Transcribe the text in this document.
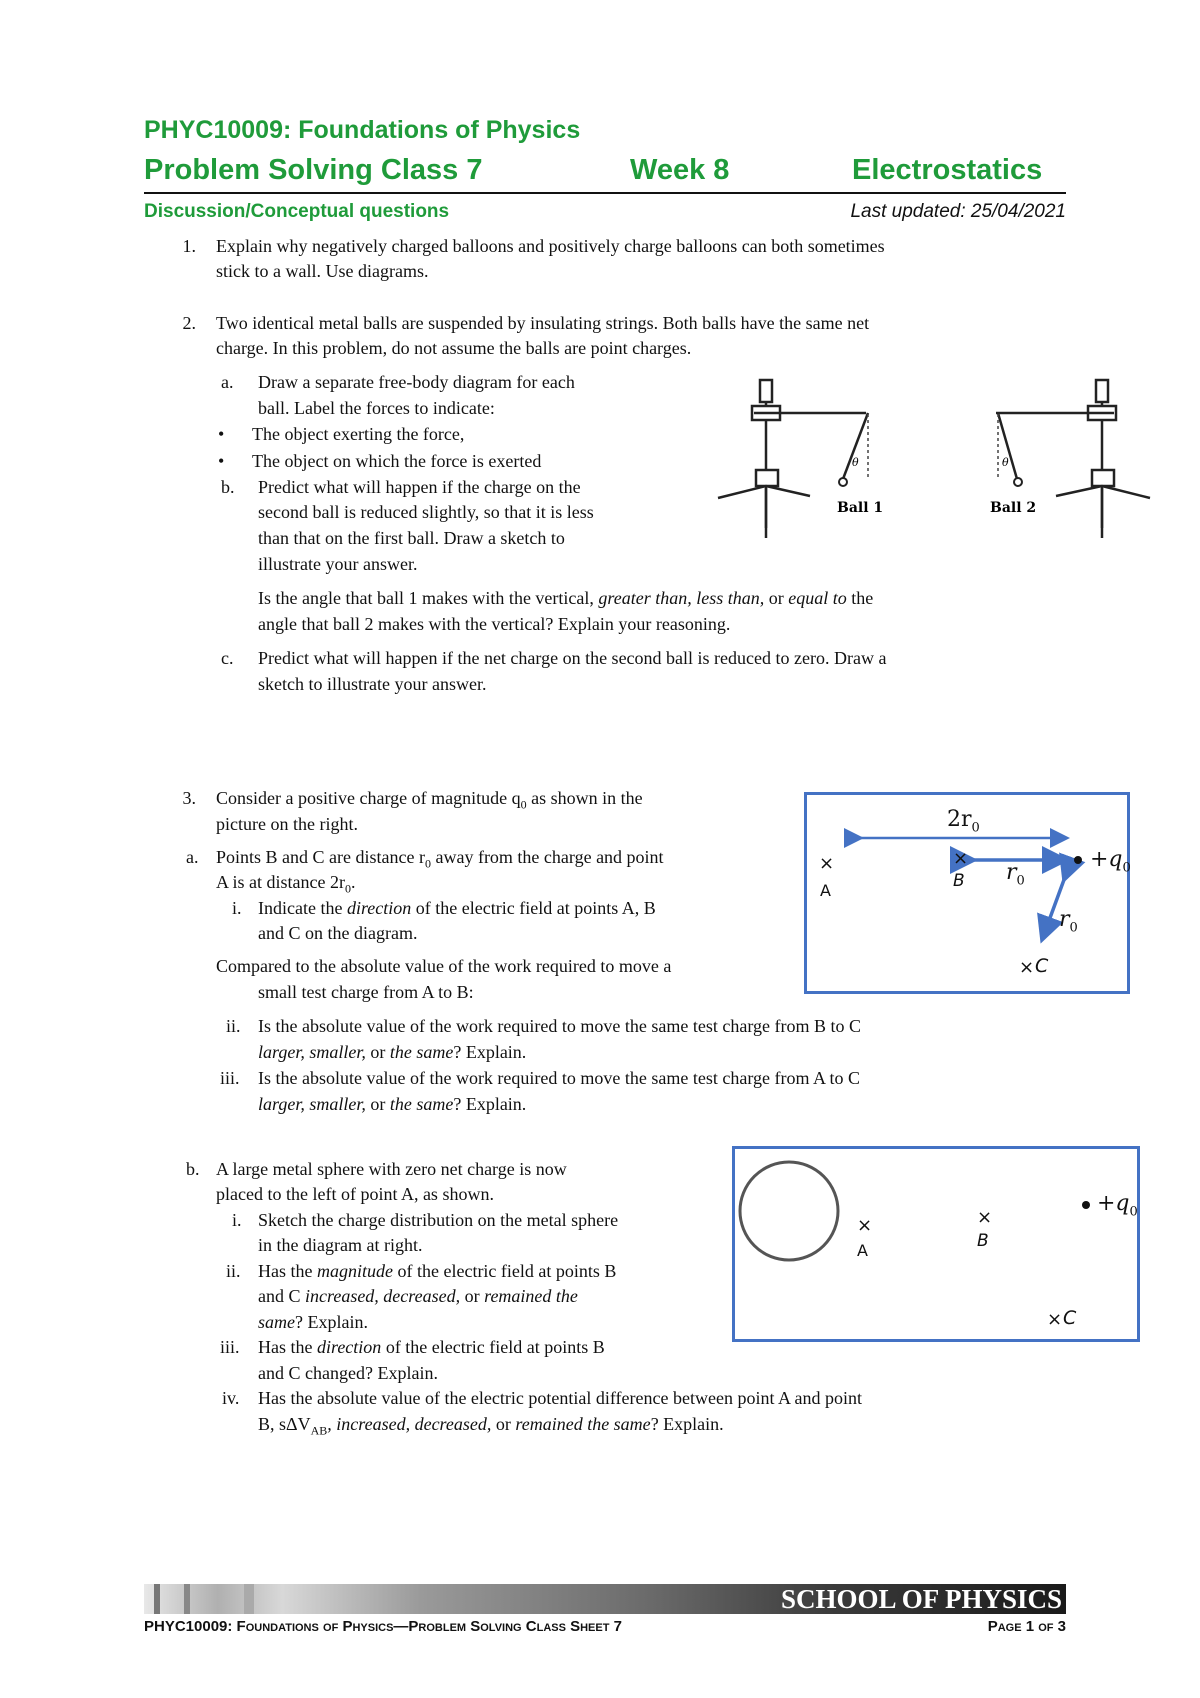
PHYC10009: Foundations of Physics
Problem Solving Class 7	Week 8	Electrostatics
Discussion/Conceptual questions	Last updated: 25/04/2021
1. Explain why negatively charged balloons and positively charge balloons can both sometimes
stick to a wall. Use diagrams.
2. Two identical metal balls are suspended by insulating strings. Both balls have the same net
charge. In this problem, do not assume the balls are point charges.
a. Draw a separate free-body diagram for each
ball. Label the forces to indicate:
• The object exerting the force,
• The object on which the force is exerted
b. Predict what will happen if the charge on the
second ball is reduced slightly, so that it is less
than that on the first ball. Draw a sketch to
illustrate your answer.
Is the angle that ball 1 makes with the vertical, greater than, less than, or equal to the
angle that ball 2 makes with the vertical? Explain your reasoning.
c. Predict what will happen if the net charge on the second ball is reduced to zero. Draw a
sketch to illustrate your answer.
θ
Ball 1
θ
Ball 2
3. Consider a positive charge of magnitude $q_0$ as shown in the
picture on the right.
a. Points B and C are distance $r_0$ away from the charge and point
A is at distance $2r_0$.
i. Indicate the direction of the electric field at points A, B
and C on the diagram.
Compared to the absolute value of the work required to move a
small test charge from A to B:
ii. Is the absolute value of the work required to move the same test charge from B to C
larger, smaller, or the same? Explain.
iii. Is the absolute value of the work required to move the same test charge from A to C
larger, smaller, or the same? Explain.
$2r_0$
$r_0$
$r_0$
$+q_0$
×
A
×
B
× C
b. A large metal sphere with zero net charge is now
placed to the left of point A, as shown.
i. Sketch the charge distribution on the metal sphere
in the diagram at right.
ii. Has the magnitude of the electric field at points B
and C increased, decreased, or remained the
same? Explain.
iii. Has the direction of the electric field at points B
and C changed? Explain.
iv. Has the absolute value of the electric potential difference between point A and point
B, sΔV$_{AB}$, increased, decreased, or remained the same? Explain.
$+q_0$
×
A
×
B
× C
SCHOOL OF PHYSICS
PHYC10009: Foundations of Physics—Problem Solving Class Sheet 7	Page 1 of 3
